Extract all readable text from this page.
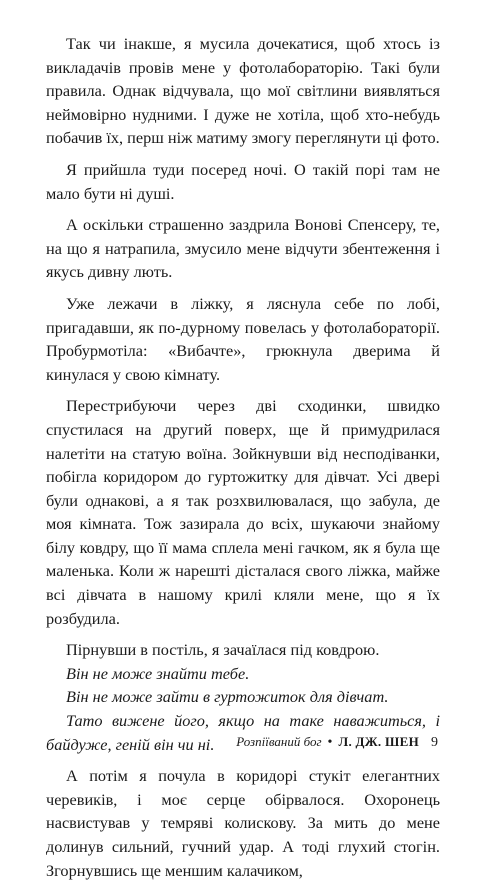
Так чи інакше, я мусила дочекатися, щоб хтось із викладачів провів мене у фотолабораторію. Такі були правила. Однак відчувала, що мої світлини виявляться неймовірно нудними. І дуже не хотіла, щоб хто-небудь побачив їх, перш ніж матиму змогу переглянути ці фото.

Я прийшла туди посеред ночі. О такій порі там не мало бути ні душі.

А оскільки страшенно заздрила Вонові Спенсеру, те, на що я натрапила, змусило мене відчути збентеження і якусь дивну лють.

Уже лежачи в ліжку, я ляснула себе по лобі, пригадавши, як по-дурному повелась у фотолабораторії. Пробурмотіла: «Вибачте», грюкнула дверима й кинулася у свою кімнату.

Перестрибуючи через дві сходинки, швидко спустилася на другий поверх, ще й примудрилася налетіти на статую воїна. Зойкнувши від несподіванки, побігла коридором до гуртожитку для дівчат. Усі двері були однакові, а я так розхвилювалася, що забула, де моя кімната. Тож зазирала до всіх, шукаючи знайому білу ковдру, що її мама сплела мені гачком, як я була ще маленька. Коли ж нарешті дісталася свого ліжка, майже всі дівчата в нашому крилі кляли мене, що я їх розбудила.

Пірнувши в постіль, я зачаїлася під ковдрою.

Він не може знайти тебе.

Він не може зайти в гуртожиток для дівчат.

Тато вижене його, якщо на таке наважиться, і байдуже, геній він чи ні.

А потім я почула в коридорі стукіт елегантних черевиків, і моє серце обірвалося. Охоронець насвистував у темряві колискову. За мить до мене долинув сильний, гучний удар. А тоді глухий стогін. Згорнувшись ще меншим калачиком,

Розпіїваний бог • Л. ДЖ. ШЕН 9
